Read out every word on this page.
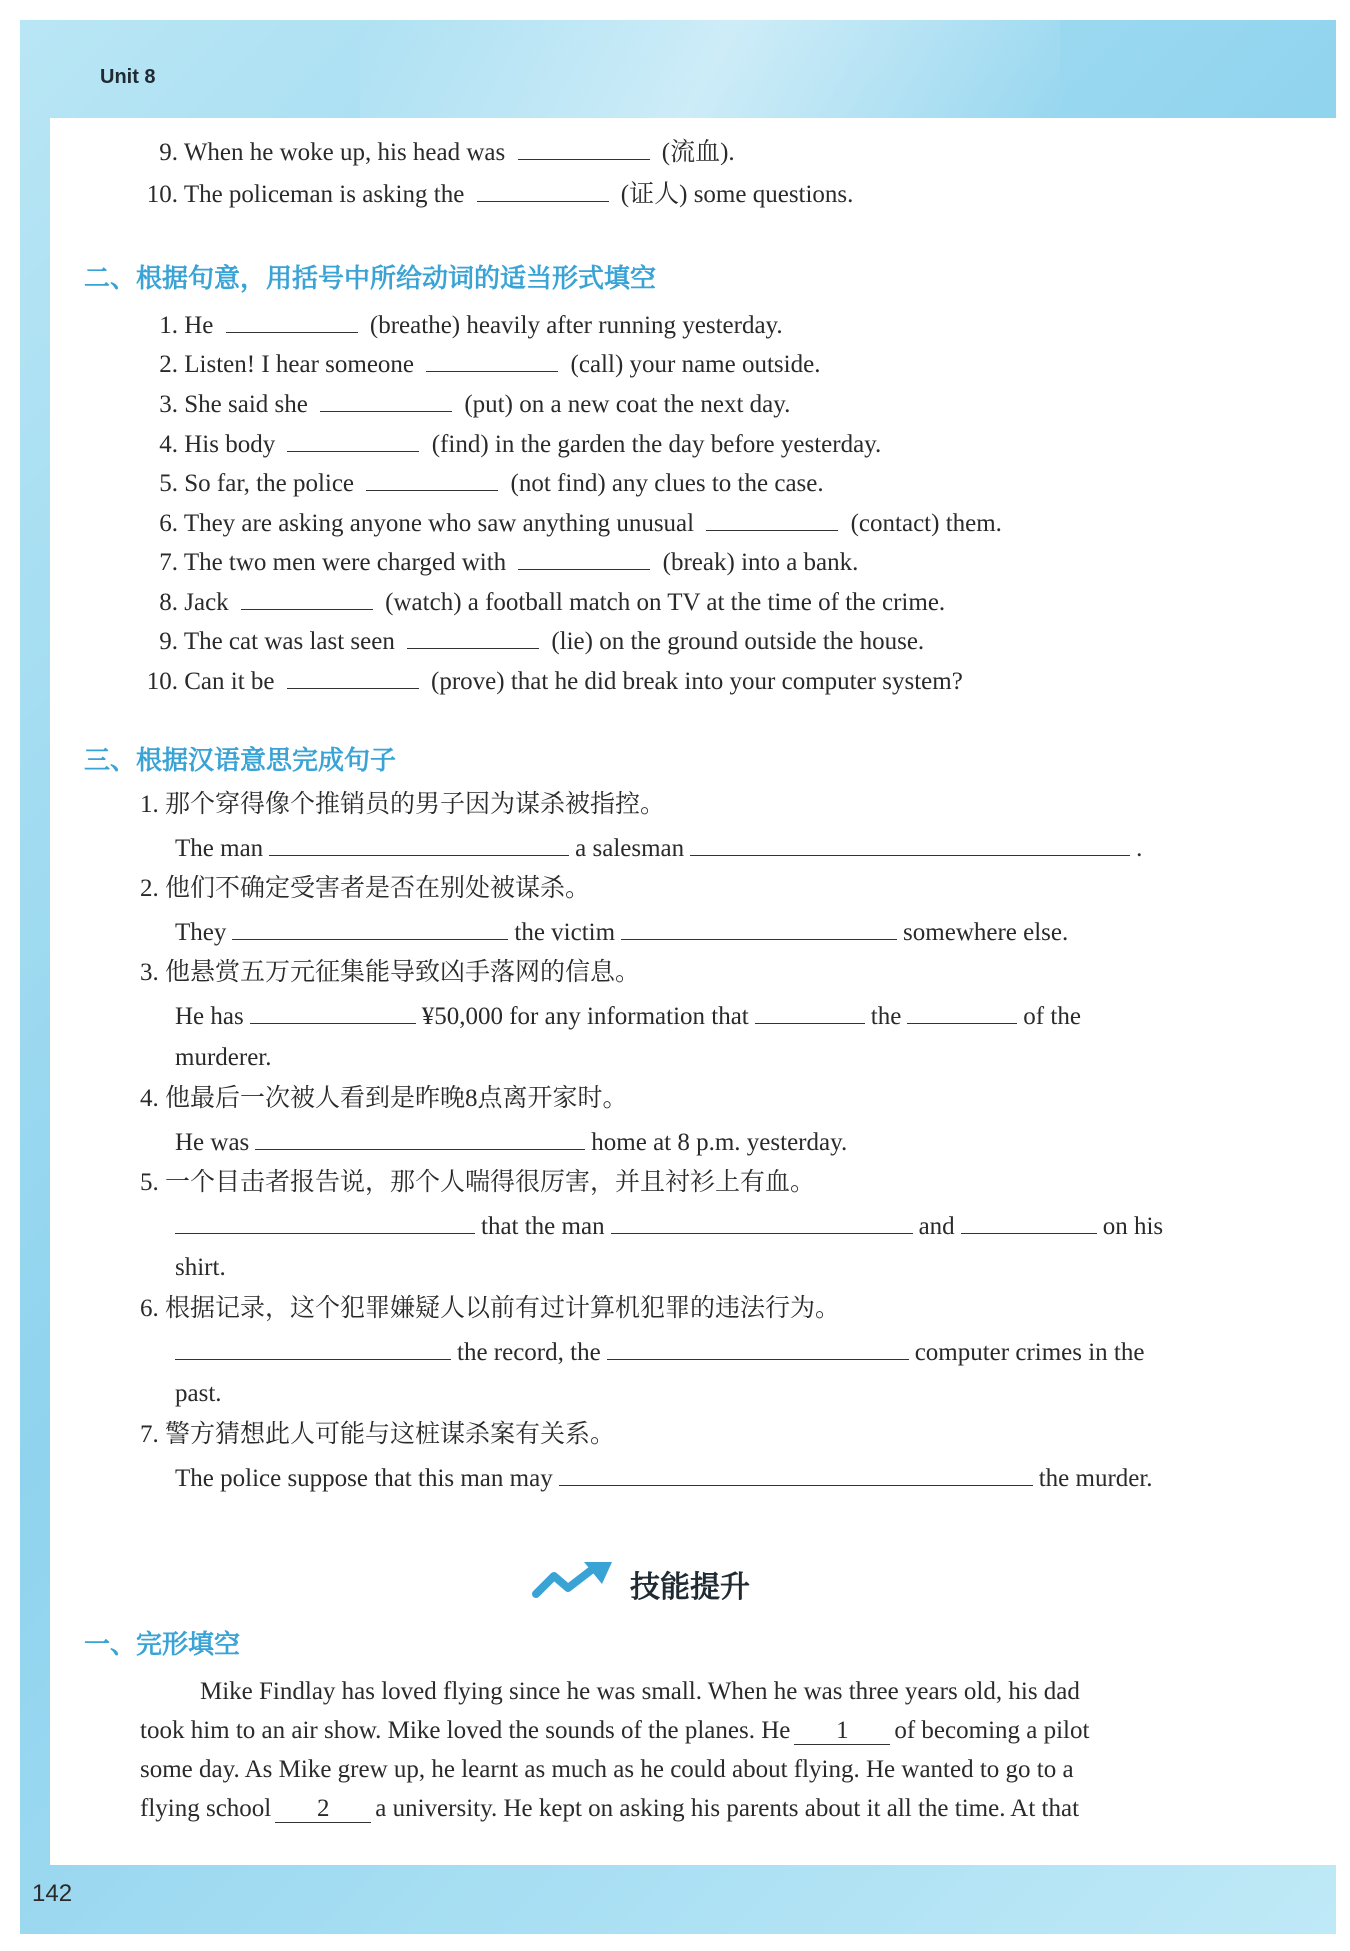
Unit 8
142
9. When he woke up, his head was	(流血).
10. The policeman is asking the	(证人) some questions.
二、根据句意，用括号中所给动词的适当形式填空
1. He	(breathe) heavily after running yesterday.
2. Listen! I hear someone	(call) your name outside.
3. She said she	(put) on a new coat the next day.
4. His body	(find) in the garden the day before yesterday.
5. So far, the police	(not find) any clues to the case.
6. They are asking anyone who saw anything unusual	(contact) them.
7. The two men were charged with	(break) into a bank.
8. Jack	(watch) a football match on TV at the time of the crime.
9. The cat was last seen	(lie) on the ground outside the house.
10. Can it be	(prove) that he did break into your computer system?
三、根据汉语意思完成句子
1. 那个穿得像个推销员的男子因为谋杀被指控。
The man	a salesman	.
2. 他们不确定受害者是否在别处被谋杀。
They	the victim	somewhere else.
3. 他悬赏五万元征集能导致凶手落网的信息。
He has	¥50,000 for any information that	the	of the
murderer.
4. 他最后一次被人看到是昨晚8点离开家时。
He was	home at 8 p.m. yesterday.
5. 一个目击者报告说，那个人喘得很厉害，并且衬衫上有血。
that the man	and	on his
shirt.
6. 根据记录，这个犯罪嫌疑人以前有过计算机犯罪的违法行为。
the record, the	computer crimes in the
past.
7. 警方猜想此人可能与这桩谋杀案有关系。
The police suppose that this man may	the murder.
技能提升
一、完形填空
Mike Findlay has loved flying since he was small. When he was three years old, his dad
took him to an air show. Mike loved the sounds of the planes. He 1 of becoming a pilot
some day. As Mike grew up, he learnt as much as he could about flying. He wanted to go to a
flying school 2 a university. He kept on asking his parents about it all the time. At that
